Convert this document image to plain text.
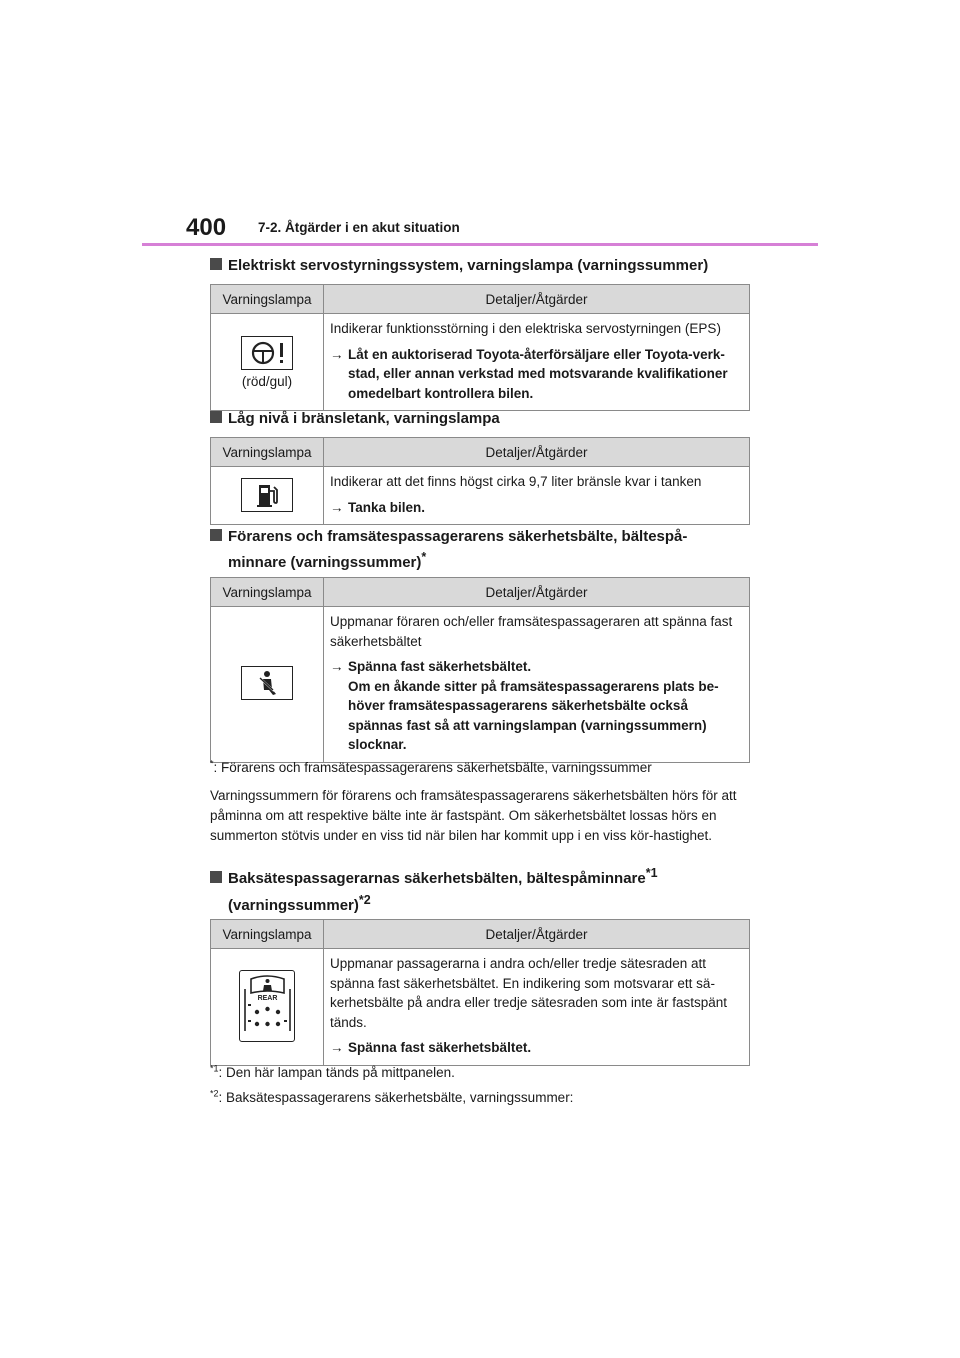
400 7-2. Åtgärder i en akut situation
Elektriskt servostyrningssystem, varningslampa (varningssummer)
Varningslampa	Detaljer/Åtgärder

(röd/gul)	Indikerar funktionsstörning i den elektriska servostyrningen (EPS)
→ Låt en auktoriserad Toyota-återförsäljare eller Toyota-verk-stad, eller annan verkstad med motsvarande kvalifikationer omedelbart kontrollera bilen.
Låg nivå i bränsletank, varningslampa
Varningslampa	Detaljer/Åtgärder

Indikerar att det finns högst cirka 9,7 liter bränsle kvar i tanken
→ Tanka bilen.
Förarens och framsätespassagerarens säkerhetsbälte, bältespå-
minnare (varningssummer)*
Varningslampa	Detaljer/Åtgärder

Uppmanar föraren och/eller framsätespassageraren att spänna fast säkerhetsbältet
→ Spänna fast säkerhetsbältet.
Om en åkande sitter på framsätespassagerarens plats be-höver framsätespassagerarens säkerhetsbälte också spännas fast så att varningslampan (varningssummern) slocknar.
*: Förarens och framsätespassagerarens säkerhetsbälte, varningssummer
Varningssummern för förarens och framsätespassagerarens säkerhetsbälten hörs för att påminna om att respektive bälte inte är fastspänt. Om säkerhetsbältet lossas hörs en summerton stötvis under en viss tid när bilen har kommit upp i en viss kör-hastighet.
Baksätespassagerarnas säkerhetsbälten, bältespåminnare$^{*1}$
(varningssummer)$^{*2}$
Varningslampa	Detaljer/Åtgärder

REAR	Uppmanar passagerarna i andra och/eller tredje sätesraden att spänna fast säkerhetsbältet. En indikering som motsvarar ett sä-kerhetsbälte på andra eller tredje sätesraden som inte är fastspänt tänds.
→ Spänna fast säkerhetsbältet.
$^{*1}$: Den här lampan tänds på mittpanelen.
$^{*2}$: Baksätespassagerarens säkerhetsbälte, varningssummer:
